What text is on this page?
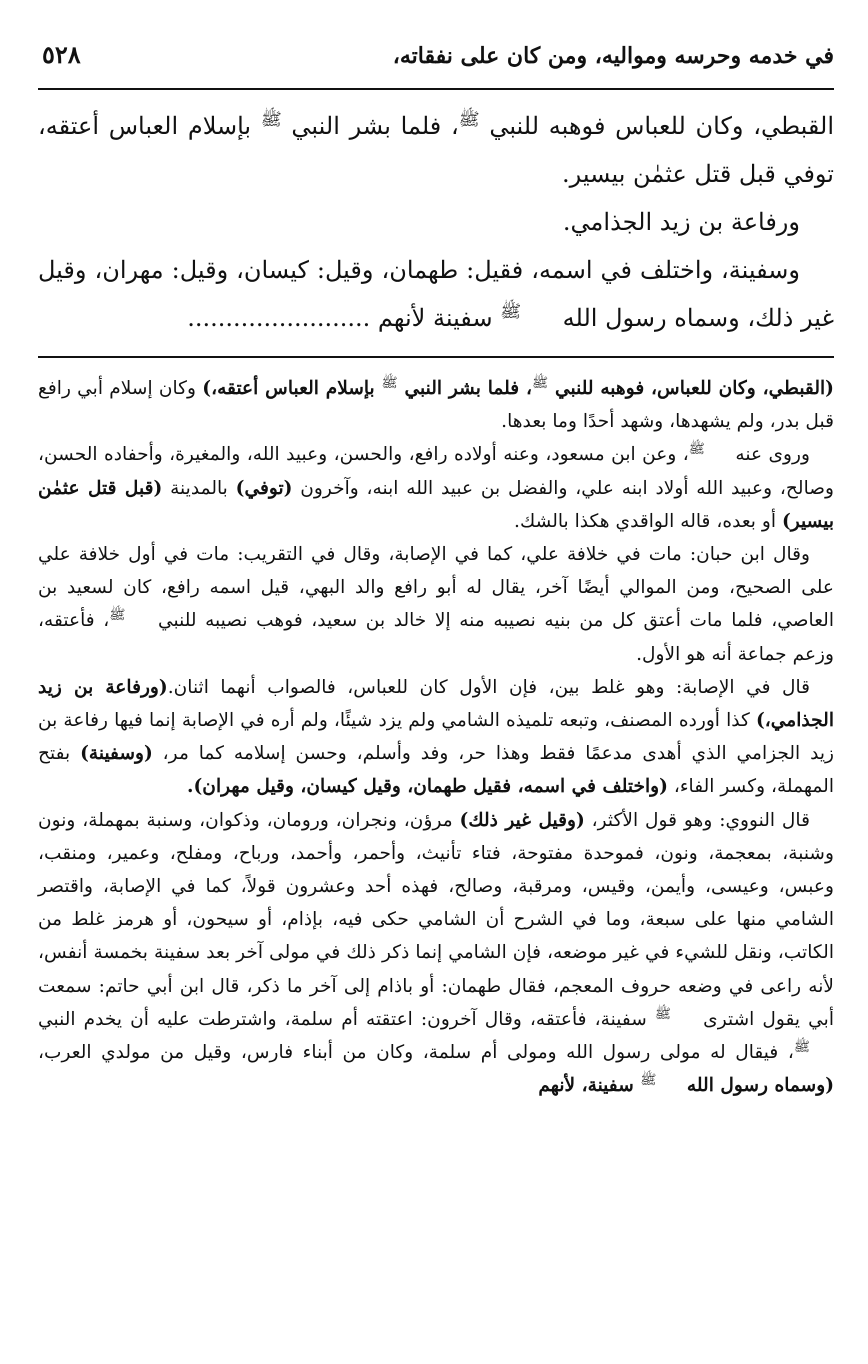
في خدمه وحرسه ومواليه، ومن كان على نفقاته،
٥٢٨

القبطي، وكان للعباس فوهبه للنبي ﷺ، فلما بشر النبي ﷺ بإسلام العباس أعتقه، توفي قبل قتل عثمٰن بيسير.

ورفاعة بن زيد الجذامي.

وسفينة، واختلف في اسمه، فقيل: طهمان، وقيل: كيسان، وقيل: مهران، وقيل غير ذلك، وسماه رسول الله ﷺ سفينة لأنهم ........................

(القبطي، وكان للعباس، فوهبه للنبي ﷺ، فلما بشر النبي ﷺ بإسلام العباس أعتقه،) وكان إسلام أبي رافع قبل بدر، ولم يشهدها، وشهد أحدًا وما بعدها.

وروى عنه ﷺ، وعن ابن مسعود، وعنه أولاده رافع، والحسن، وعبيد الله، والمغيرة، وأحفاده الحسن، وصالح، وعبيد الله أولاد ابنه علي، والفضل بن عبيد الله ابنه، وآخرون (توفي) بالمدينة (قبل قتل عثمٰن بيسير) أو بعده، قاله الواقدي هكذا بالشك.

وقال ابن حبان: مات في خلافة علي، كما في الإصابة، وقال في التقريب: مات في أول خلافة علي على الصحيح، ومن الموالي أيضًا آخر، يقال له أبو رافع والد البهي، قيل اسمه رافع، كان لسعيد بن العاصي، فلما مات أعتق كل من بنيه نصيبه منه إلا خالد بن سعيد، فوهب نصيبه للنبي ﷺ، فأعتقه، وزعم جماعة أنه هو الأول.

قال في الإصابة: وهو غلط بين، فإن الأول كان للعباس، فالصواب أنهما اثنان.(ورفاعة بن زيد الجذامي،) كذا أورده المصنف، وتبعه تلميذه الشامي ولم يزد شيئًا، ولم أره في الإصابة إنما فيها رفاعة بن زيد الجزامي الذي أهدى مدعمًا فقط وهذا حر، وفد وأسلم، وحسن إسلامه كما مر، (وسفينة) بفتح المهملة، وكسر الفاء، (واختلف في اسمه، فقيل طهمان، وقيل كيسان، وقيل مهران).

قال النووي: وهو قول الأكثر، (وقيل غير ذلك) مرؤن، ونجران، ورومان، وذكوان، وسنبة بمهملة، ونون وشنبة، بمعجمة، ونون، فموحدة مفتوحة، فتاء تأنيث، وأحمر، وأحمد، ورباح، ومفلح، وعمير، ومنقب، وعبس، وعيسى، وأيمن، وقيس، ومرقبة، وصالح، فهذه أحد وعشرون قولاً، كما في الإصابة، واقتصر الشامي منها على سبعة، وما في الشرح أن الشامي حكى فيه، بإذام، أو سيحون، أو هرمز غلط من الكاتب، ونقل للشيء في غير موضعه، فإن الشامي إنما ذكر ذلك في مولى آخر بعد سفينة بخمسة أنفس، لأنه راعى في وضعه حروف المعجم، فقال طهمان: أو باذام إلى آخر ما ذكر، قال ابن أبي حاتم: سمعت أبي يقول اشترى ﷺ سفينة، فأعتقه، وقال آخرون: اعتقته أم سلمة، واشترطت عليه أن يخدم النبي ﷺ، فيقال له مولى رسول الله ومولى أم سلمة، وكان من أبناء فارس، وقيل من مولدي العرب، (وسماه رسول الله ﷺ سفينة، لأنهم
